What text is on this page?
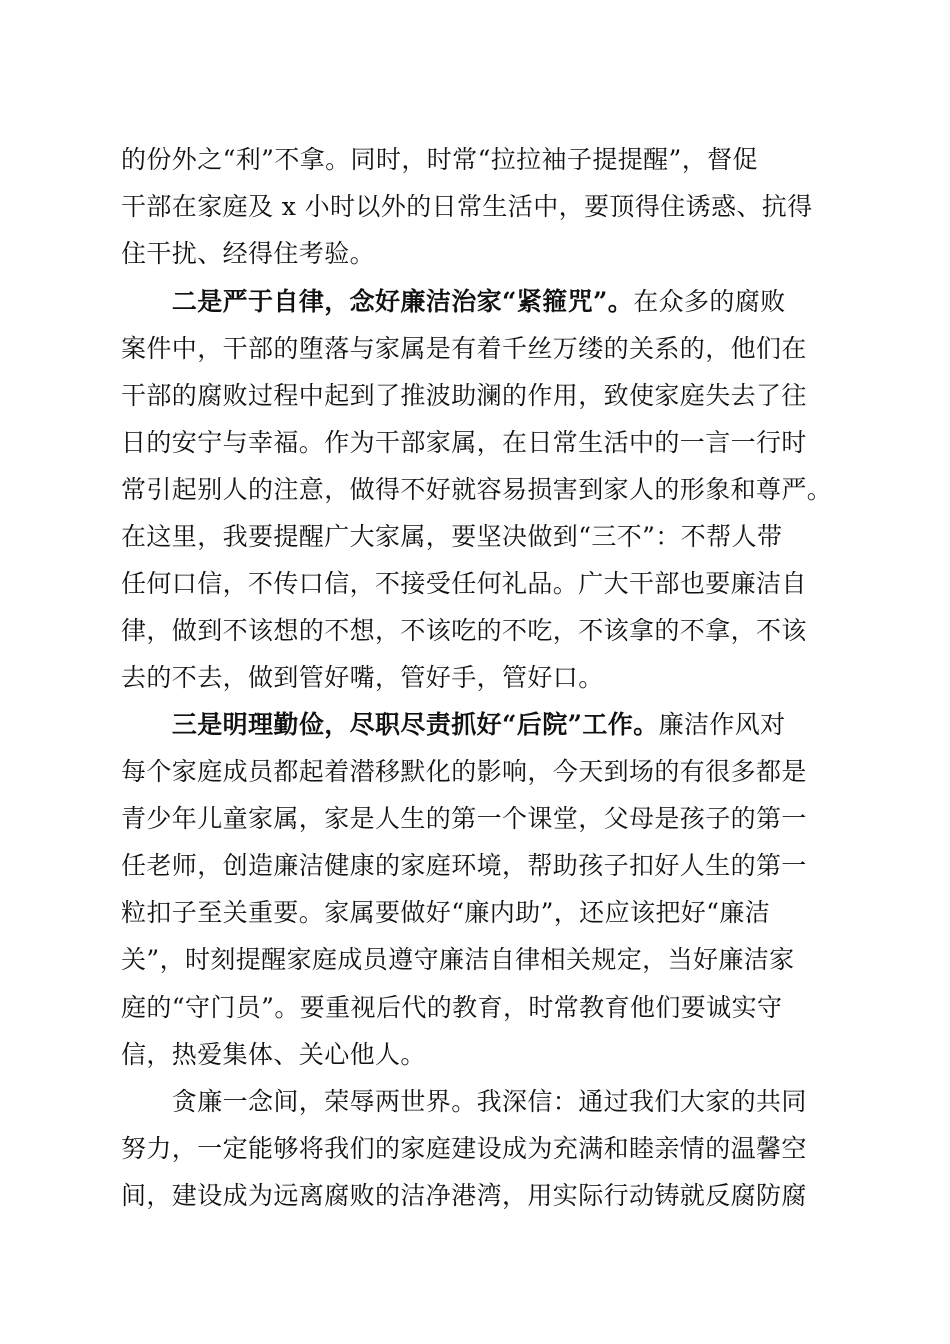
的份外之“利”不拿。同时，时常“拉拉袖子提提醒”，督促
干部在家庭及 x 小时以外的日常生活中，要顶得住诱惑、抗得
住干扰、经得住考验。
　　二是严于自律，念好廉洁治家“紧箍咒”。在众多的腐败
案件中，干部的堕落与家属是有着千丝万缕的关系的，他们在
干部的腐败过程中起到了推波助澜的作用，致使家庭失去了往
日的安宁与幸福。作为干部家属，在日常生活中的一言一行时
常引起别人的注意，做得不好就容易损害到家人的形象和尊严。
在这里，我要提醒广大家属，要坚决做到“三不”：不帮人带
任何口信，不传口信，不接受任何礼品。广大干部也要廉洁自
律，做到不该想的不想，不该吃的不吃，不该拿的不拿，不该
去的不去，做到管好嘴，管好手，管好口。
　　三是明理勤俭，尽职尽责抓好“后院”工作。廉洁作风对
每个家庭成员都起着潜移默化的影响，今天到场的有很多都是
青少年儿童家属，家是人生的第一个课堂，父母是孩子的第一
任老师，创造廉洁健康的家庭环境，帮助孩子扣好人生的第一
粒扣子至关重要。家属要做好“廉内助”，还应该把好“廉洁
关”，时刻提醒家庭成员遵守廉洁自律相关规定，当好廉洁家
庭的“守门员”。要重视后代的教育，时常教育他们要诚实守
信，热爱集体、关心他人。
　　贪廉一念间，荣辱两世界。我深信：通过我们大家的共同
努力，一定能够将我们的家庭建设成为充满和睦亲情的温馨空
间，建设成为远离腐败的洁净港湾，用实际行动铸就反腐防腐
